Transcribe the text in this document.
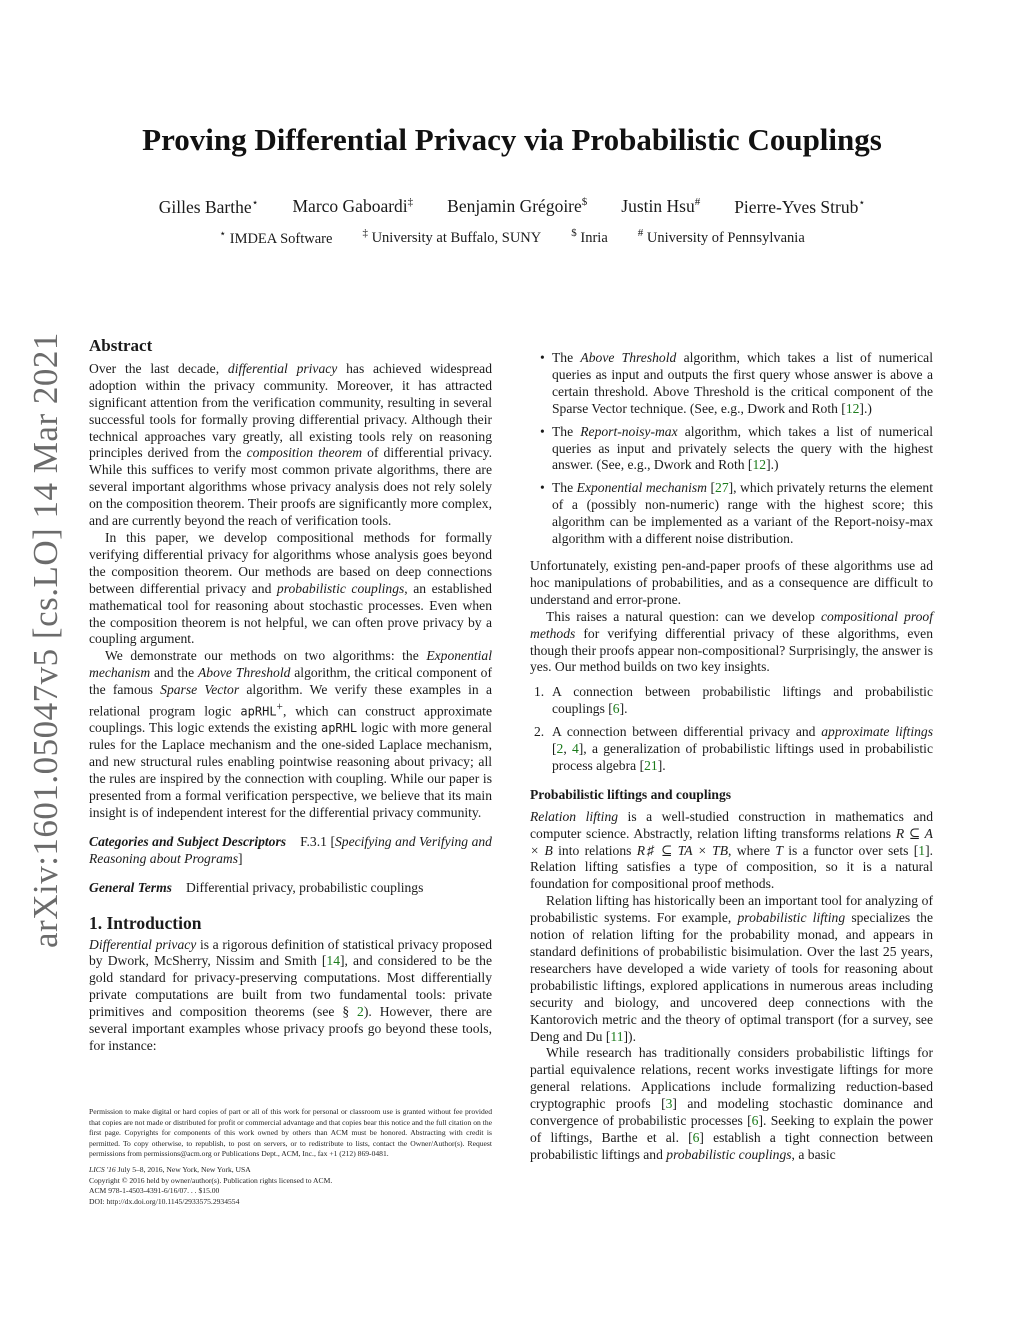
arXiv:1601.05047v5 [cs.LO] 14 Mar 2021
Proving Differential Privacy via Probabilistic Couplings
Gilles Barthe⋆ Marco Gaboardi‡ Benjamin Grégoire$ Justin Hsu# Pierre-Yves Strub⋆
⋆ IMDEA Software	‡ University at Buffalo, SUNY	$ Inria	# University of Pennsylvania
Abstract

Over the last decade, differential privacy has achieved widespread adoption within the privacy community. Moreover, it has attracted significant attention from the verification community, resulting in several successful tools for formally proving differential privacy. Although their technical approaches vary greatly, all existing tools rely on reasoning principles derived from the composition theorem of differential privacy. While this suffices to verify most common private algorithms, there are several important algorithms whose privacy analysis does not rely solely on the composition theorem. Their proofs are significantly more complex, and are currently beyond the reach of verification tools.

In this paper, we develop compositional methods for formally verifying differential privacy for algorithms whose analysis goes beyond the composition theorem. Our methods are based on deep connections between differential privacy and probabilistic couplings, an established mathematical tool for reasoning about stochastic processes. Even when the composition theorem is not helpful, we can often prove privacy by a coupling argument.

We demonstrate our methods on two algorithms: the Exponential mechanism and the Above Threshold algorithm, the critical component of the famous Sparse Vector algorithm. We verify these examples in a relational program logic apRHL+, which can construct approximate couplings. This logic extends the existing apRHL logic with more general rules for the Laplace mechanism and the one-sided Laplace mechanism, and new structural rules enabling pointwise reasoning about privacy; all the rules are inspired by the connection with coupling. While our paper is presented from a formal verification perspective, we believe that its main insight is of independent interest for the differential privacy community.

Categories and Subject Descriptors F.3.1 [Specifying and Verifying and Reasoning about Programs]

General Terms Differential privacy, probabilistic couplings

1. Introduction

Differential privacy is a rigorous definition of statistical privacy proposed by Dwork, McSherry, Nissim and Smith [14], and considered to be the gold standard for privacy-preserving computations. Most differentially private computations are built from two fundamental tools: private primitives and composition theorems (see § 2). However, there are several important examples whose privacy proofs go beyond these tools, for instance:

Permission to make digital or hard copies of part or all of this work for personal or classroom use is granted without fee provided that copies are not made or distributed for profit or commercial advantage and that copies bear this notice and the full citation on the first page. Copyrights for components of this work owned by others than ACM must be honored. Abstracting with credit is permitted. To copy otherwise, to republish, to post on servers, or to redistribute to lists, contact the Owner/Author(s). Request permissions from permissions@acm.org or Publications Dept., ACM, Inc., fax +1 (212) 869-0481.

LICS '16 July 5–8, 2016, New York, New York, USA

Copyright © 2016 held by owner/author(s). Publication rights licensed to ACM.

ACM 978-1-4503-4391-6/16/07. . . $15.00

DOI: http://dx.doi.org/10.1145/2933575.2934554

• The Above Threshold algorithm, which takes a list of numerical queries as input and outputs the first query whose answer is above a certain threshold. Above Threshold is the critical component of the Sparse Vector technique. (See, e.g., Dwork and Roth [12].)
• The Report-noisy-max algorithm, which takes a list of numerical queries as input and privately selects the query with the highest answer. (See, e.g., Dwork and Roth [12].)
• The Exponential mechanism [27], which privately returns the element of a (possibly non-numeric) range with the highest score; this algorithm can be implemented as a variant of the Report-noisy-max algorithm with a different noise distribution.

Unfortunately, existing pen-and-paper proofs of these algorithms use ad hoc manipulations of probabilities, and as a consequence are difficult to understand and error-prone.

This raises a natural question: can we develop compositional proof methods for verifying differential privacy of these algorithms, even though their proofs appear non-compositional? Surprisingly, the answer is yes. Our method builds on two key insights.

1. A connection between probabilistic liftings and probabilistic couplings [6].
2. A connection between differential privacy and approximate liftings [2, 4], a generalization of probabilistic liftings used in probabilistic process algebra [21].
Probabilistic liftings and couplings

Relation lifting is a well-studied construction in mathematics and computer science. Abstractly, relation lifting transforms relations R ⊆ A × B into relations R♯ ⊆ TA × TB, where T is a functor over sets [1]. Relation lifting satisfies a type of composition, so it is a natural foundation for compositional proof methods.

Relation lifting has historically been an important tool for analyzing of probabilistic systems. For example, probabilistic lifting specializes the notion of relation lifting for the probability monad, and appears in standard definitions of probabilistic bisimulation. Over the last 25 years, researchers have developed a wide variety of tools for reasoning about probabilistic liftings, explored applications in numerous areas including security and biology, and uncovered deep connections with the Kantorovich metric and the theory of optimal transport (for a survey, see Deng and Du [11]).

While research has traditionally considers probabilistic liftings for partial equivalence relations, recent works investigate liftings for more general relations. Applications include formalizing reduction-based cryptographic proofs [3] and modeling stochastic dominance and convergence of probabilistic processes [6]. Seeking to explain the power of liftings, Barthe et al. [6] establish a tight connection between probabilistic liftings and probabilistic couplings, a basic
